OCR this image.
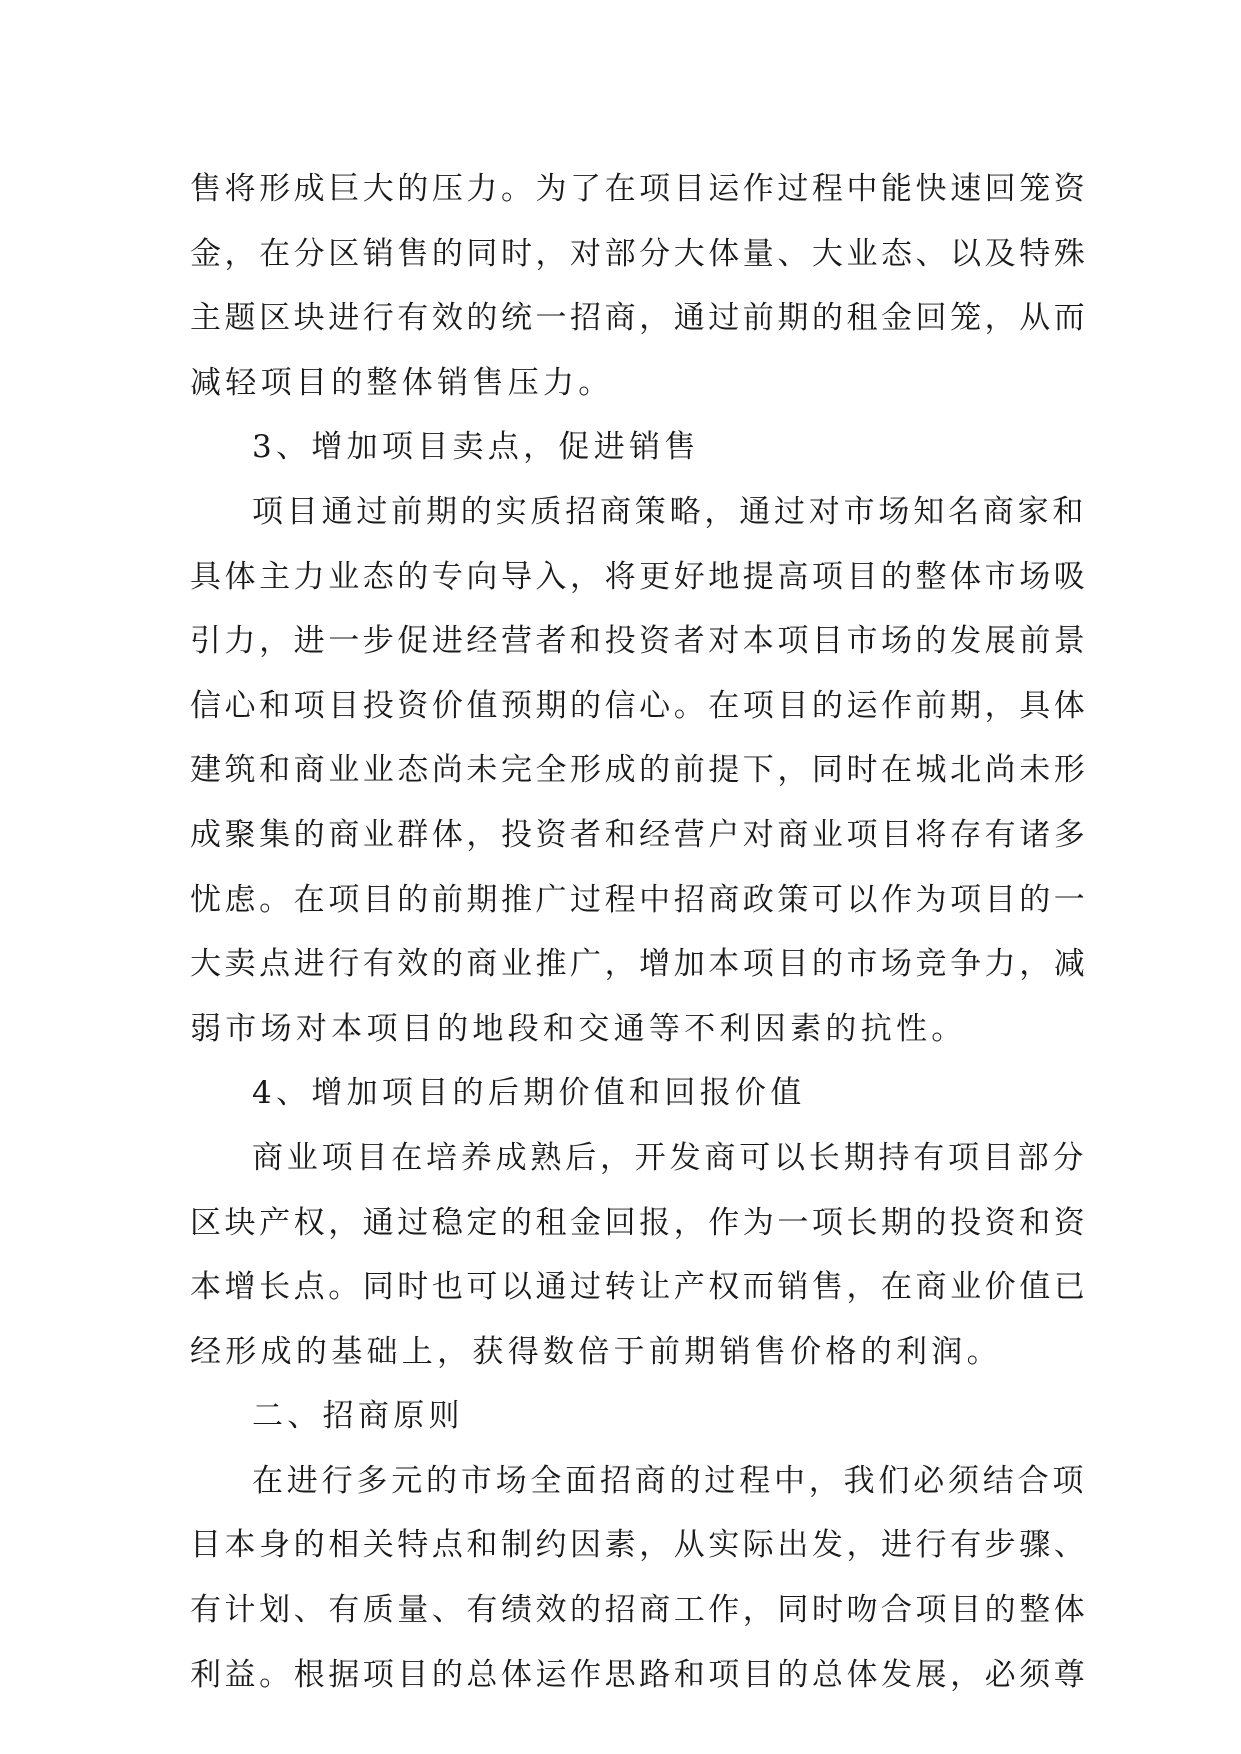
售将形成巨大的压力。为了在项目运作过程中能快速回笼资
金，在分区销售的同时，对部分大体量、大业态、以及特殊
主题区块进行有效的统一招商，通过前期的租金回笼，从而
减轻项目的整体销售压力。
3、增加项目卖点，促进销售
项目通过前期的实质招商策略，通过对市场知名商家和
具体主力业态的专向导入，将更好地提高项目的整体市场吸
引力，进一步促进经营者和投资者对本项目市场的发展前景
信心和项目投资价值预期的信心。在项目的运作前期，具体
建筑和商业业态尚未完全形成的前提下，同时在城北尚未形
成聚集的商业群体，投资者和经营户对商业项目将存有诸多
忧虑。在项目的前期推广过程中招商政策可以作为项目的一
大卖点进行有效的商业推广，增加本项目的市场竞争力，减
弱市场对本项目的地段和交通等不利因素的抗性。
4、增加项目的后期价值和回报价值
商业项目在培养成熟后，开发商可以长期持有项目部分
区块产权，通过稳定的租金回报，作为一项长期的投资和资
本增长点。同时也可以通过转让产权而销售，在商业价值已
经形成的基础上，获得数倍于前期销售价格的利润。
二、招商原则
在进行多元的市场全面招商的过程中，我们必须结合项
目本身的相关特点和制约因素，从实际出发，进行有步骤、
有计划、有质量、有绩效的招商工作，同时吻合项目的整体
利益。根据项目的总体运作思路和项目的总体发展，必须尊
